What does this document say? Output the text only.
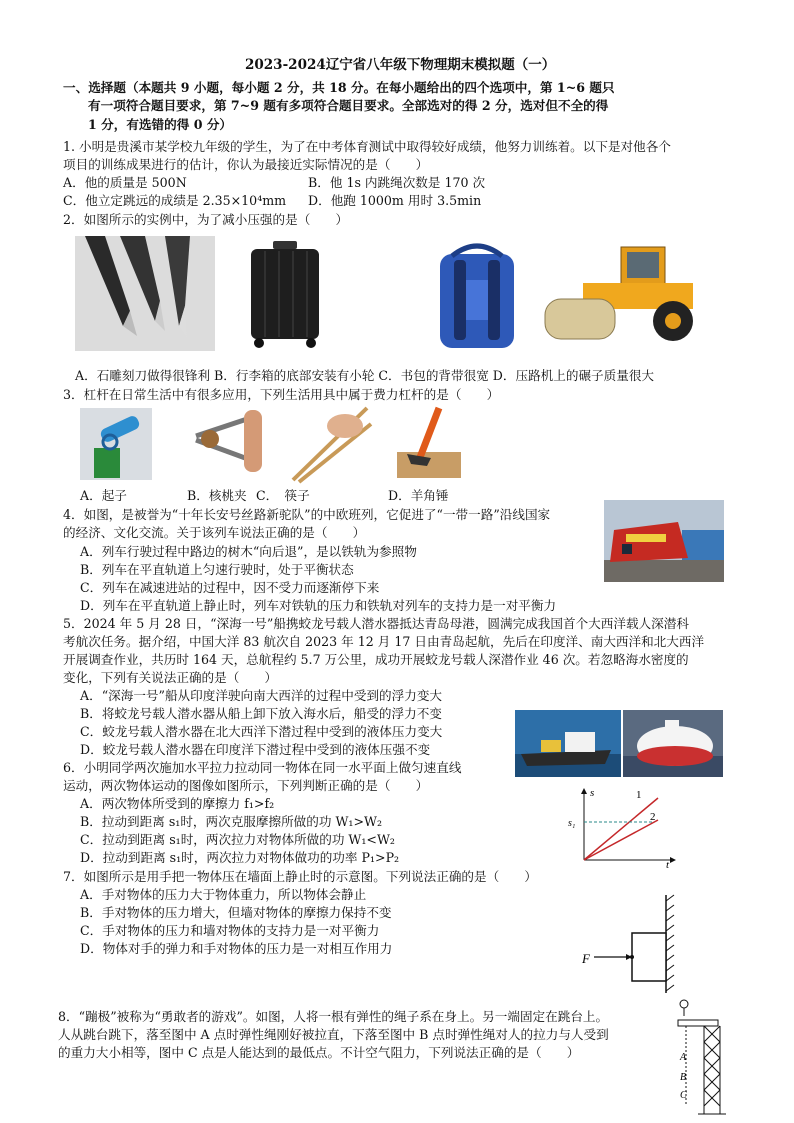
2023-2024辽宁省八年级下物理期末模拟题（一）
一、选择题（本题共 9 小题，每小题 2 分，共 18 分。在每小题给出的四个选项中，第 1~6 题只
有一项符合题目要求，第 7~9 题有多项符合题目要求。全部选对的得 2 分，选对但不全的得
1 分，有选错的得 0 分）
1. 小明是贵溪市某学校九年级的学生，为了在中考体育测试中取得较好成绩，他努力训练着。以下是对他各个
项目的训练成果进行的估计，你认为最接近实际情况的是（　　）
A．他的质量是 500N	B．他 1s 内跳绳次数是 170 次
C．他立定跳远的成绩是 2.35×10⁴mm D．他跑 1000m 用时 3.5min
2．如图所示的实例中，为了减小压强的是（　　）
A．石雕刻刀做得很锋利 B．行李箱的底部安装有小轮 C．书包的背带很宽 D．压路机上的碾子质量很大
3．杠杆在日常生活中有很多应用，下列生活用具中属于费力杠杆的是（　　）
A．起子	B．核桃夹 C．　筷子	D．羊角锤
4．如图，是被誉为“十年长安号丝路新驼队”的中欧班列，它促进了“一带一路”沿线国家
的经济、文化交流。关于该列车说法正确的是（　　）
A．列车行驶过程中路边的树木“向后退”，是以铁轨为参照物
B．列车在平直轨道上匀速行驶时，处于平衡状态
C．列车在减速进站的过程中，因不受力而逐渐停下来
D．列车在平直轨道上静止时，列车对铁轨的压力和铁轨对列车的支持力是一对平衡力
5．2024 年 5 月 28 日，“深海一号”船携蛟龙号载人潜水器抵达青岛母港，圆满完成我国首个大西洋载人深潜科
考航次任务。据介绍，中国大洋 83 航次自 2023 年 12 月 17 日由青岛起航，先后在印度洋、南大西洋和北大西洋
开展调查作业，共历时 164 天，总航程约 5.7 万公里，成功开展蛟龙号载人深潜作业 46 次。若忽略海水密度的
变化，下列有关说法正确的是（　　）
A．“深海一号”船从印度洋驶向南大西洋的过程中受到的浮力变大
B．将蛟龙号载人潜水器从船上卸下放入海水后，船受的浮力不变
C．蛟龙号载人潜水器在北大西洋下潜过程中受到的液体压力变大
D．蛟龙号载人潜水器在印度洋下潜过程中受到的液体压强不变
6．小明同学两次施加水平拉力拉动同一物体在同一水平面上做匀速直线
运动，两次物体运动的图像如图所示，下列判断正确的是（　　）
A．两次物体所受到的摩擦力 f₁>f₂
B．拉动到距离 s₁时，两次克服摩擦所做的功 W₁>W₂
C．拉动到距离 s₁时，两次拉力对物体所做的功 W₁<W₂
D．拉动到距离 s₁时，两次拉力对物体做功的功率 P₁>P₂
s
t
s₁
1
2
7．如图所示是用手把一物体压在墙面上静止时的示意图。下列说法正确的是（　　）
A．手对物体的压力大于物体重力，所以物体会静止
B．手对物体的压力增大，但墙对物体的摩擦力保持不变
C．手对物体的压力和墙对物体的支持力是一对平衡力
D．物体对手的弹力和手对物体的压力是一对相互作用力
F
8．“蹦极”被称为“勇敢者的游戏”。如图，人将一根有弹性的绳子系在身上。另一端固定在跳台上。
人从跳台跳下，落至图中 A 点时弹性绳刚好被拉直，下落至图中 B 点时弹性绳对人的拉力与人受到
的重力大小相等，图中 C 点是人能达到的最低点。不计空气阻力，下列说法正确的是（　　）	A
B
C
